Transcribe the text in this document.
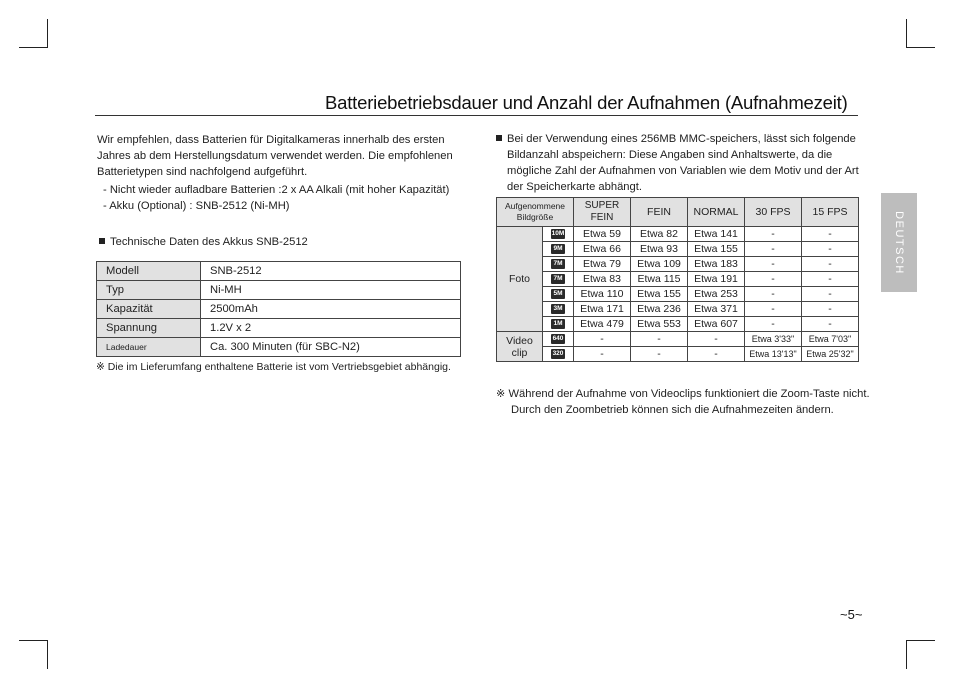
Batteriebetriebsdauer und Anzahl der Aufnahmen (Aufnahmezeit)
Wir empfehlen, dass Batterien für Digitalkameras innerhalb des ersten
Jahres ab dem Herstellungsdatum verwendet werden. Die empfohlenen
Batterietypen sind nachfolgend aufgeführt.
- Nicht wieder aufladbare Batterien :2 x AA Alkali (mit hoher Kapazität)
- Akku (Optional) : SNB-2512 (Ni-MH)
Technische Daten des Akkus SNB-2512
Modell	SNB-2512
Typ	Ni-MH
Kapazität	2500mAh
Spannung	1.2V x 2
Ladedauer	Ca. 300 Minuten (für SBC-N2)
※ Die im Lieferumfang enthaltene Batterie ist vom Vertriebsgebiet abhängig.
Bei der Verwendung eines 256MB MMC-speichers, lässt sich folgende
Bildanzahl abspeichern: Diese Angaben sind Anhaltswerte, da die
mögliche Zahl der Aufnahmen von Variablen wie dem Motiv und der Art
der Speicherkarte abhängt.
Aufgenommene Bildgröße		SUPER FEIN	FEIN	NORMAL	30 FPS	15 FPS
Foto	10M	Etwa 59	Etwa 82	Etwa 141	-	-
	9M	Etwa 66	Etwa 93	Etwa 155	-	-
	7M	Etwa 79	Etwa 109	Etwa 183	-	-
	7M	Etwa 83	Etwa 115	Etwa 191	-	-
	5M	Etwa 110	Etwa 155	Etwa 253	-	-
	3M	Etwa 171	Etwa 236	Etwa 371	-	-
	1M	Etwa 479	Etwa 553	Etwa 607	-	-
Video clip	640	-	-	-	Etwa 3'33"	Etwa 7'03"
	320	-	-	-	Etwa 13'13"	Etwa 25'32"
※ Während der Aufnahme von Videoclips funktioniert die Zoom-Taste nicht.
Durch den Zoombetrieb können sich die Aufnahmezeiten ändern.
DEUTSCH
~5~
